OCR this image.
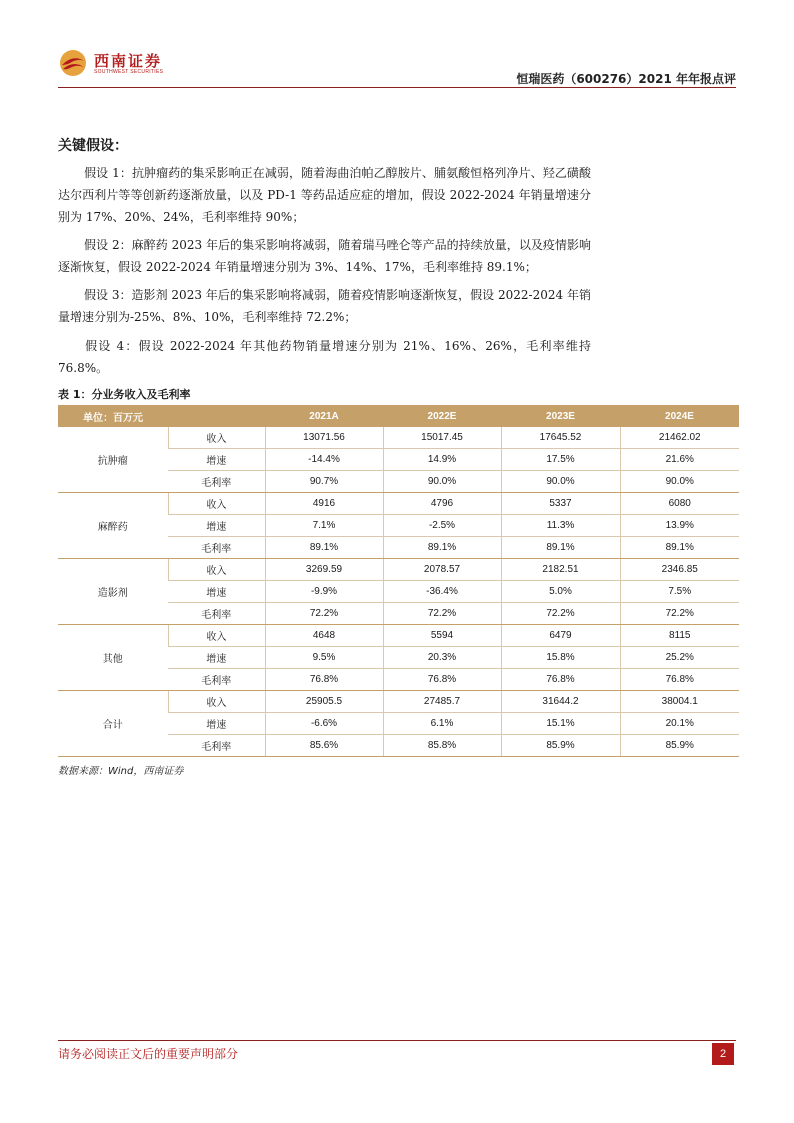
西南证券
SOUTHWEST SECURITIES	恒瑞医药（600276）2021 年年报点评
关键假设：

假设 1：抗肿瘤药的集采影响正在减弱，随着海曲泊帕乙醇胺片、脯氨酸恒格列净片、羟乙磺酸达尔西利片等等创新药逐渐放量，以及 PD-1 等药品适应症的增加，假设 2022-2024 年销量增速分别为 17%、20%、24%，毛利率维持 90%；

假设 2：麻醉药 2023 年后的集采影响将减弱，随着瑞马唑仑等产品的持续放量，以及疫情影响逐渐恢复，假设 2022-2024 年销量增速分别为 3%、14%、17%，毛利率维持 89.1%；

假设 3：造影剂 2023 年后的集采影响将减弱，随着疫情影响逐渐恢复，假设 2022-2024 年销量增速分别为-25%、8%、10%，毛利率维持 72.2%；

假设 4：假设 2022-2024 年其他药物销量增速分别为 21%、16%、26%，毛利率维持 76.8%。

表 1：分业务收入及毛利率
单位：百万元		2021A	2022E	2023E	2024E
抗肿瘤	收入	13071.56	15017.45	17645.52	21462.02
	增速	-14.4%	14.9%	17.5%	21.6%
	毛利率	90.7%	90.0%	90.0%	90.0%
麻醉药	收入	4916	4796	5337	6080
	增速	7.1%	-2.5%	11.3%	13.9%
	毛利率	89.1%	89.1%	89.1%	89.1%
造影剂	收入	3269.59	2078.57	2182.51	2346.85
	增速	-9.9%	-36.4%	5.0%	7.5%
	毛利率	72.2%	72.2%	72.2%	72.2%
其他	收入	4648	5594	6479	8115
	增速	9.5%	20.3%	15.8%	25.2%
	毛利率	76.8%	76.8%	76.8%	76.8%
合计	收入	25905.5	27485.7	31644.2	38004.1
	增速	-6.6%	6.1%	15.1%	20.1%
	毛利率	85.6%	85.8%	85.9%	85.9%
数据来源：Wind，西南证券
请务必阅读正文后的重要声明部分	2
